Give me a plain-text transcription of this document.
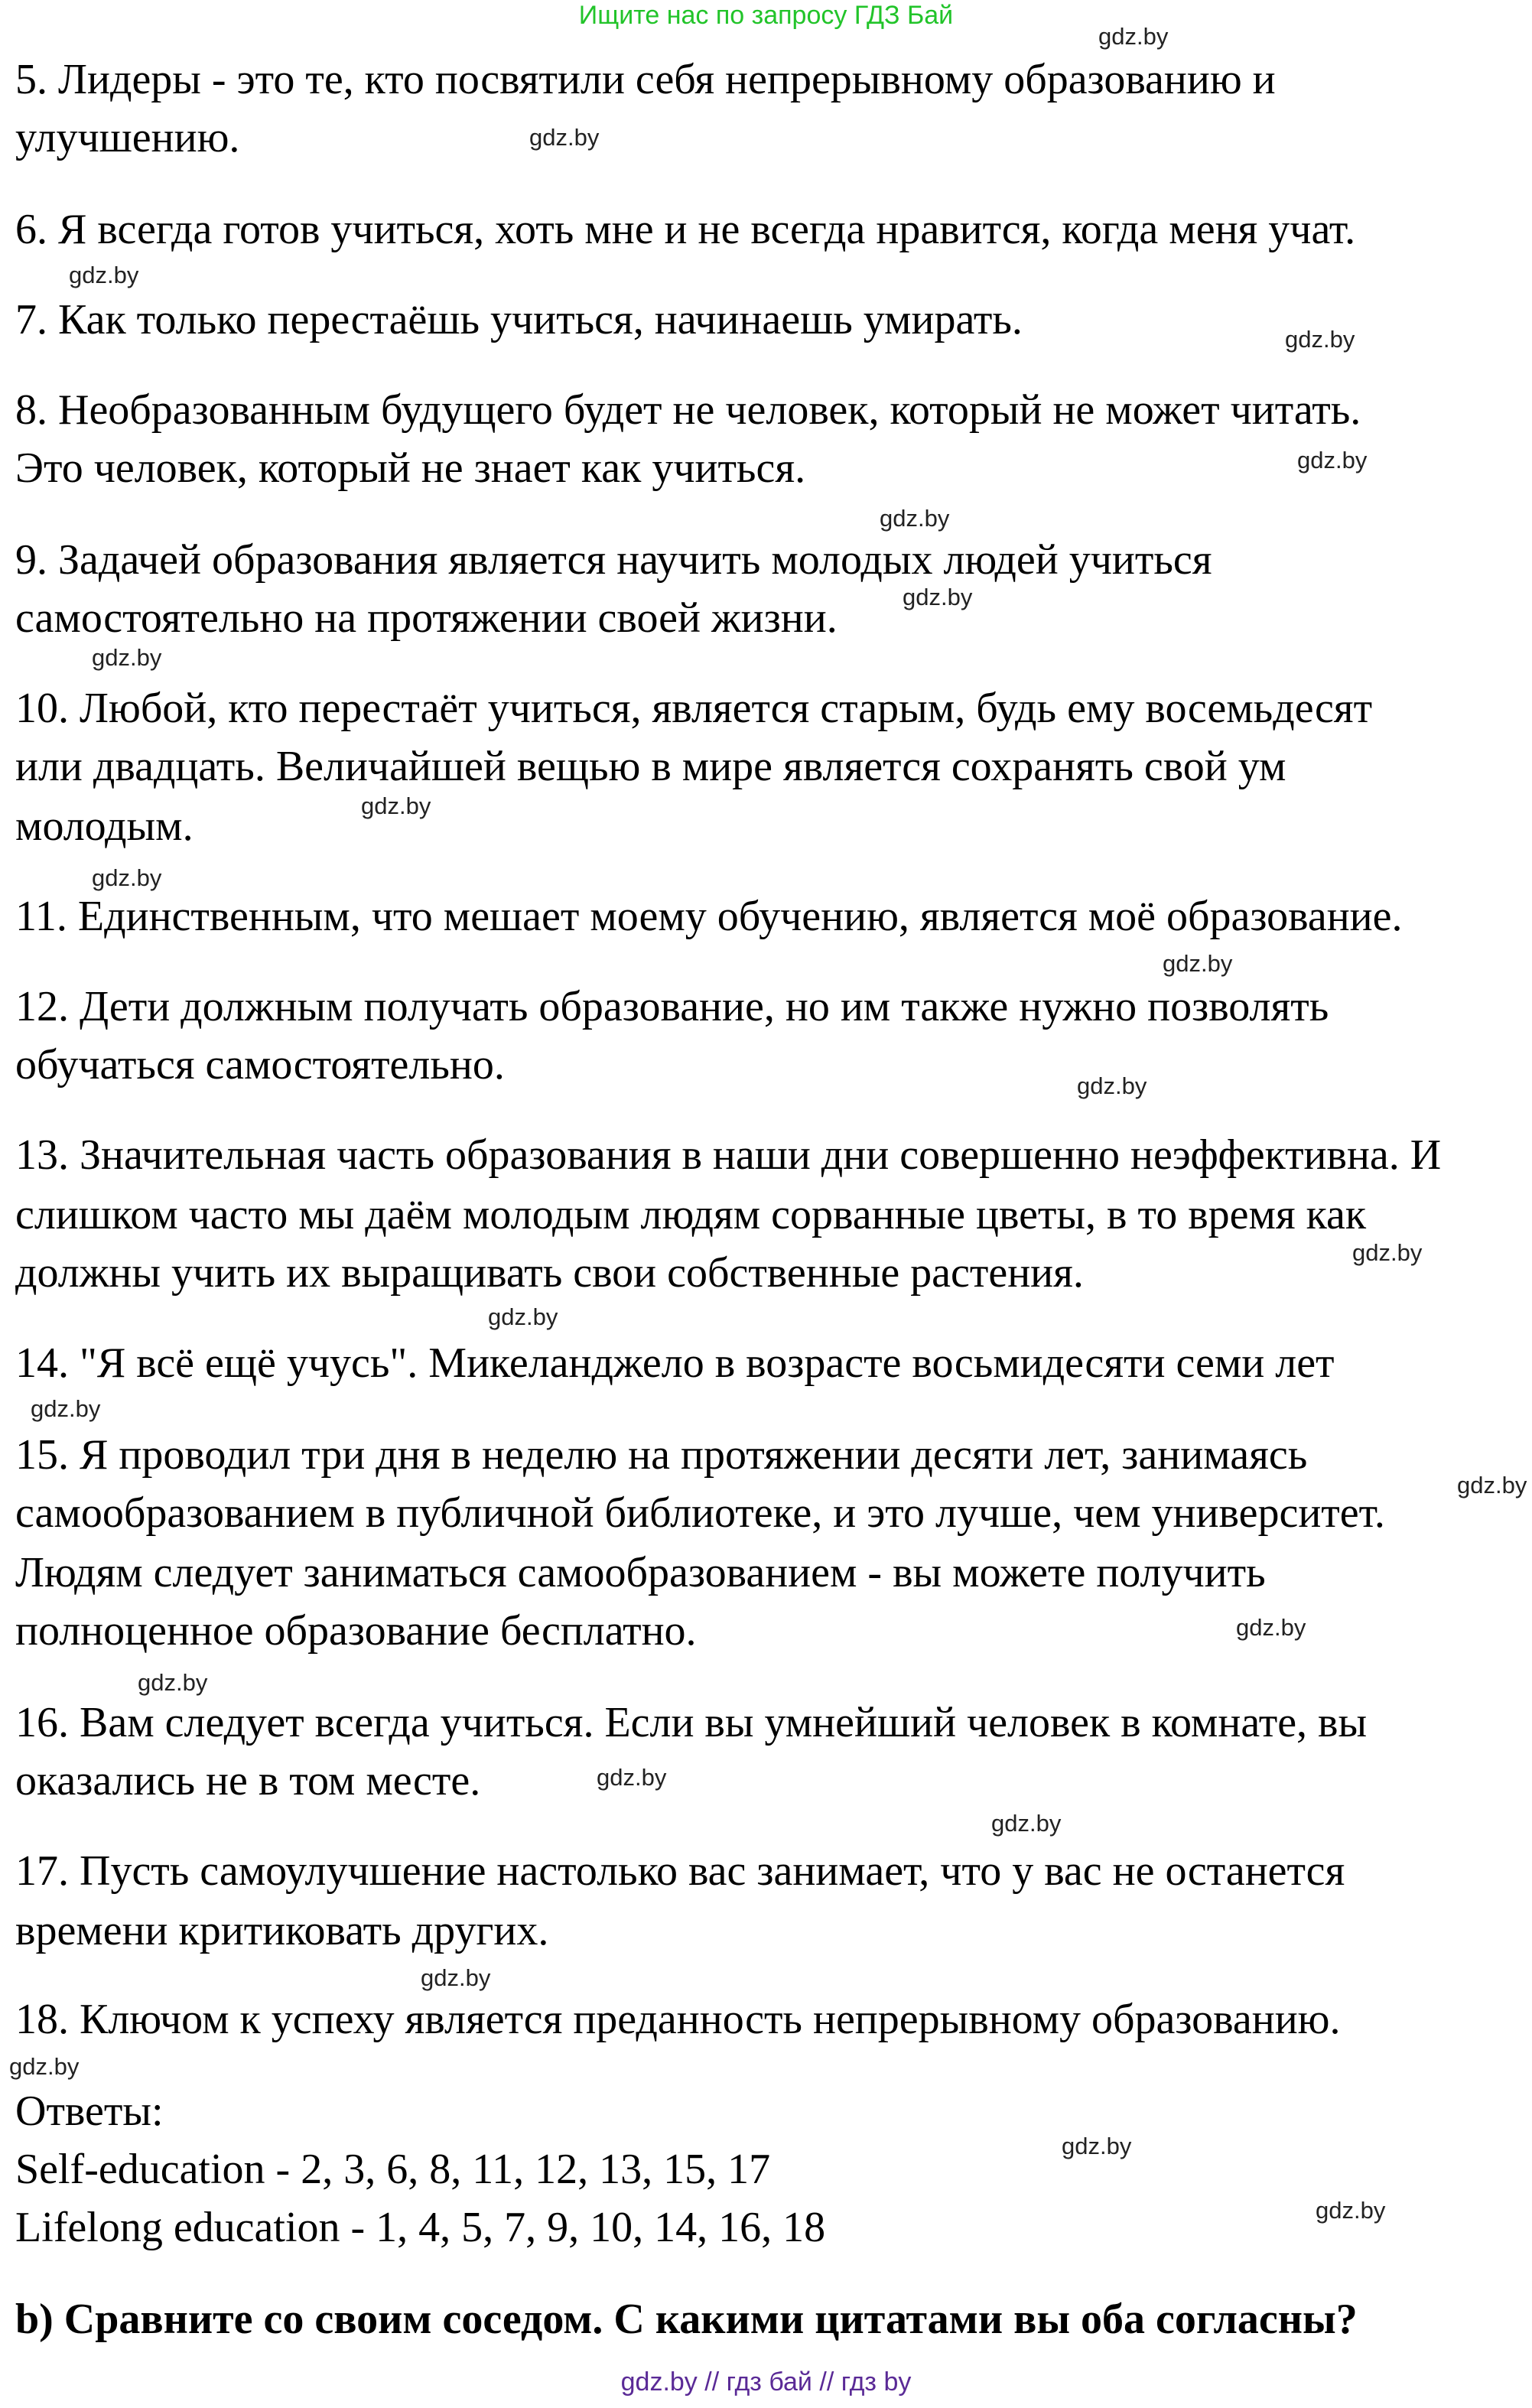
Ищите нас по запросу ГДЗ Бай
5. Лидеры - это те, кто посвятили себя непрерывному образованию и
улучшению.
6. Я всегда готов учиться, хоть мне и не всегда нравится, когда меня учат.
7. Как только перестаёшь учиться, начинаешь умирать.
8. Необразованным будущего будет не человек, который не может читать.
Это человек, который не знает как учиться.
9. Задачей образования является научить молодых людей учиться
самостоятельно на протяжении своей жизни.
10. Любой, кто перестаёт учиться, является старым, будь ему восемьдесят
или двадцать. Величайшей вещью в мире является сохранять свой ум
молодым.
11. Единственным, что мешает моему обучению, является моё образование.
12. Дети должным получать образование, но им также нужно позволять
обучаться самостоятельно.
13. Значительная часть образования в наши дни совершенно неэффективна. И
слишком часто мы даём молодым людям сорванные цветы, в то время как
должны учить их выращивать свои собственные растения.
14. "Я всё ещё учусь". Микеланджело в возрасте восьмидесяти семи лет
15. Я проводил три дня в неделю на протяжении десяти лет, занимаясь
самообразованием в публичной библиотеке, и это лучше, чем университет.
Людям следует заниматься самообразованием - вы можете получить
полноценное образование бесплатно.
16. Вам следует всегда учиться. Если вы умнейший человек в комнате, вы
оказались не в том месте.
17. Пусть самоулучшение настолько вас занимает, что у вас не останется
времени критиковать других.
18. Ключом к успеху является преданность непрерывному образованию.
Ответы:
Self-education - 2, 3, 6, 8, 11, 12, 13, 15, 17
Lifelong education - 1, 4, 5, 7, 9, 10, 14, 16, 18
b) Сравните со своим соседом. С какими цитатами вы оба согласны?
gdz.by
gdz.by
gdz.by
gdz.by
gdz.by
gdz.by
gdz.by
gdz.by
gdz.by
gdz.by
gdz.by
gdz.by
gdz.by
gdz.by
gdz.by
gdz.by
gdz.by
gdz.by
gdz.by
gdz.by
gdz.by
gdz.by
gdz.by
gdz.by
gdz.by // гдз бай // гдз by
